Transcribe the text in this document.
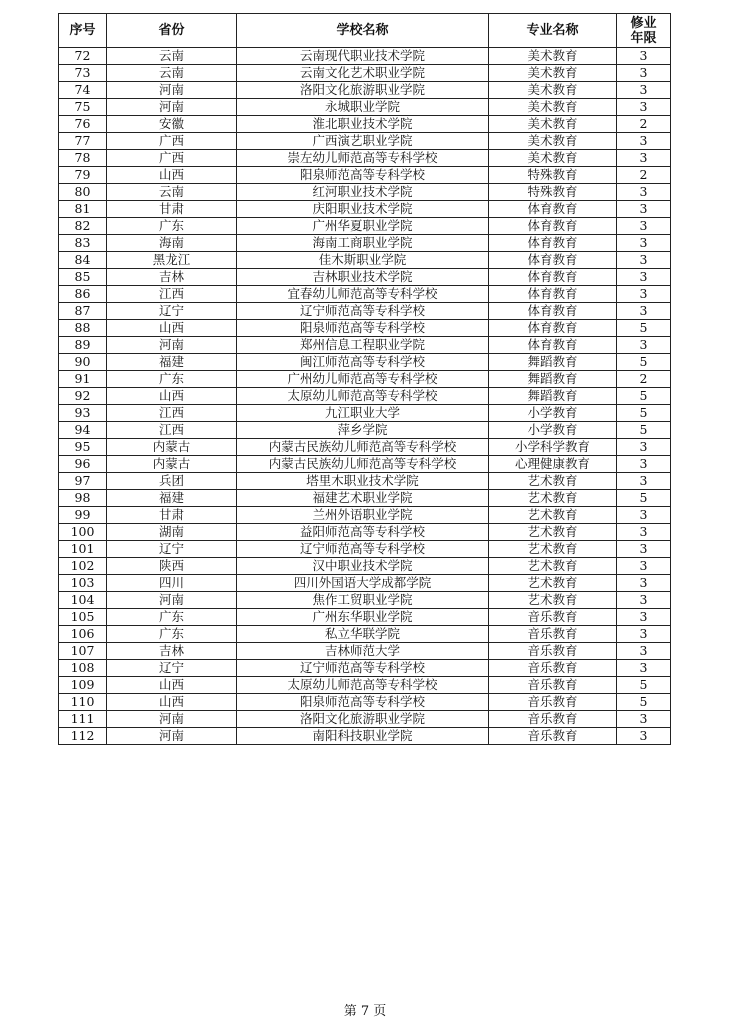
序号	省份	学校名称	专业名称	修业
年限

72	云南	云南现代职业技术学院	美术教育	3
73	云南	云南文化艺术职业学院	美术教育	3
74	河南	洛阳文化旅游职业学院	美术教育	3
75	河南	永城职业学院	美术教育	3
76	安徽	淮北职业技术学院	美术教育	2
77	广西	广西演艺职业学院	美术教育	3
78	广西	崇左幼儿师范高等专科学校	美术教育	3
79	山西	阳泉师范高等专科学校	特殊教育	2
80	云南	红河职业技术学院	特殊教育	3
81	甘肃	庆阳职业技术学院	体育教育	3
82	广东	广州华夏职业学院	体育教育	3
83	海南	海南工商职业学院	体育教育	3
84	黑龙江	佳木斯职业学院	体育教育	3
85	吉林	吉林职业技术学院	体育教育	3
86	江西	宜春幼儿师范高等专科学校	体育教育	3
87	辽宁	辽宁师范高等专科学校	体育教育	3
88	山西	阳泉师范高等专科学校	体育教育	5
89	河南	郑州信息工程职业学院	体育教育	3
90	福建	闽江师范高等专科学校	舞蹈教育	5
91	广东	广州幼儿师范高等专科学校	舞蹈教育	2
92	山西	太原幼儿师范高等专科学校	舞蹈教育	5
93	江西	九江职业大学	小学教育	5
94	江西	萍乡学院	小学教育	5
95	内蒙古	内蒙古民族幼儿师范高等专科学校	小学科学教育	3
96	内蒙古	内蒙古民族幼儿师范高等专科学校	心理健康教育	3
97	兵团	塔里木职业技术学院	艺术教育	3
98	福建	福建艺术职业学院	艺术教育	5
99	甘肃	兰州外语职业学院	艺术教育	3
100	湖南	益阳师范高等专科学校	艺术教育	3
101	辽宁	辽宁师范高等专科学校	艺术教育	3
102	陕西	汉中职业技术学院	艺术教育	3
103	四川	四川外国语大学成都学院	艺术教育	3
104	河南	焦作工贸职业学院	艺术教育	3
105	广东	广州东华职业学院	音乐教育	3
106	广东	私立华联学院	音乐教育	3
107	吉林	吉林师范大学	音乐教育	3
108	辽宁	辽宁师范高等专科学校	音乐教育	3
109	山西	太原幼儿师范高等专科学校	音乐教育	5
110	山西	阳泉师范高等专科学校	音乐教育	5
111	河南	洛阳文化旅游职业学院	音乐教育	3
112	河南	南阳科技职业学院	音乐教育	3
第 7 页
